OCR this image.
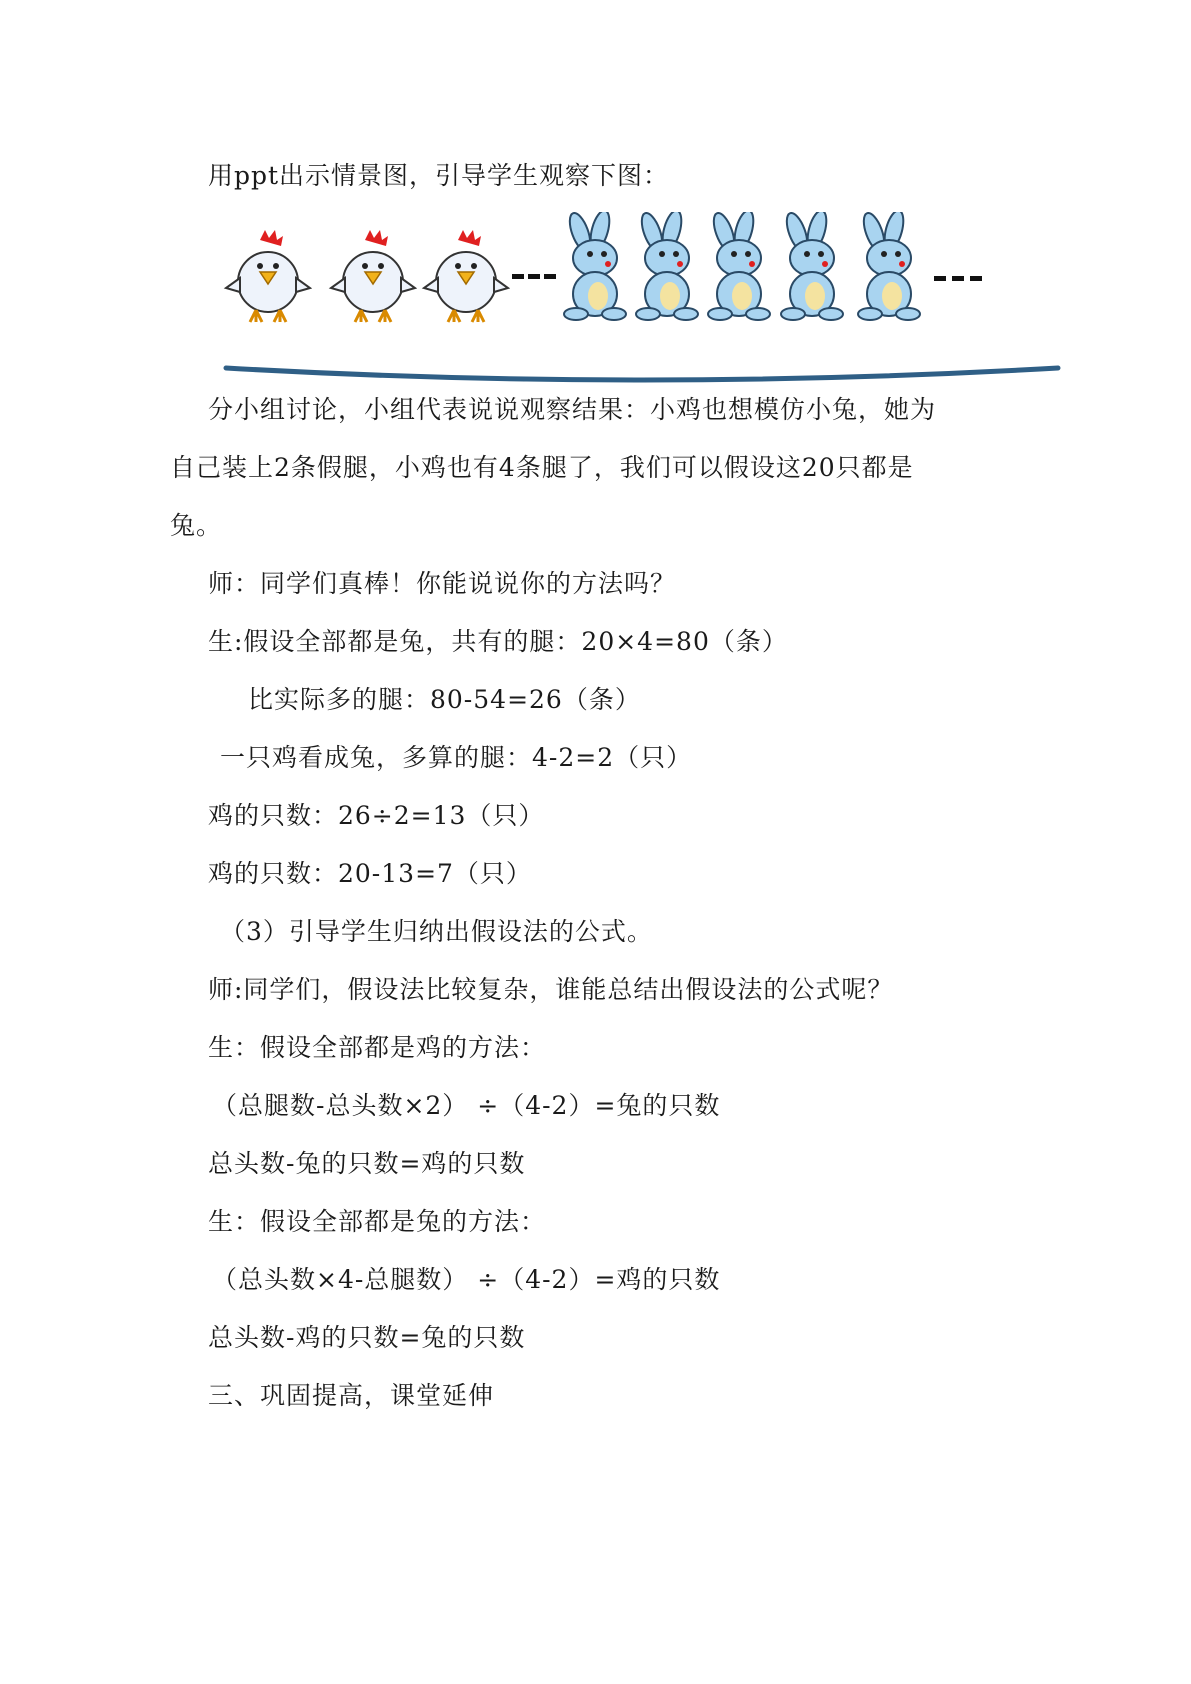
用ppt出示情景图，引导学生观察下图：
分小组讨论，小组代表说说观察结果：小鸡也想模仿小兔，她为
自己装上2条假腿，小鸡也有4条腿了，我们可以假设这20只都是
兔。
师：同学们真棒！你能说说你的方法吗？
生:假设全部都是兔，共有的腿：20×4=80（条）
比实际多的腿：80-54=26（条）
一只鸡看成兔，多算的腿：4-2=2（只）
鸡的只数：26÷2=13（只）
鸡的只数：20-13=7（只）
（3）引导学生归纳出假设法的公式。
师:同学们，假设法比较复杂，谁能总结出假设法的公式呢？
生：假设全部都是鸡的方法：
（总腿数-总头数×2） ÷（4-2）=兔的只数
总头数-兔的只数=鸡的只数
生：假设全部都是兔的方法：
（总头数×4-总腿数） ÷（4-2）=鸡的只数
总头数-鸡的只数=兔的只数
三、巩固提高，课堂延伸
